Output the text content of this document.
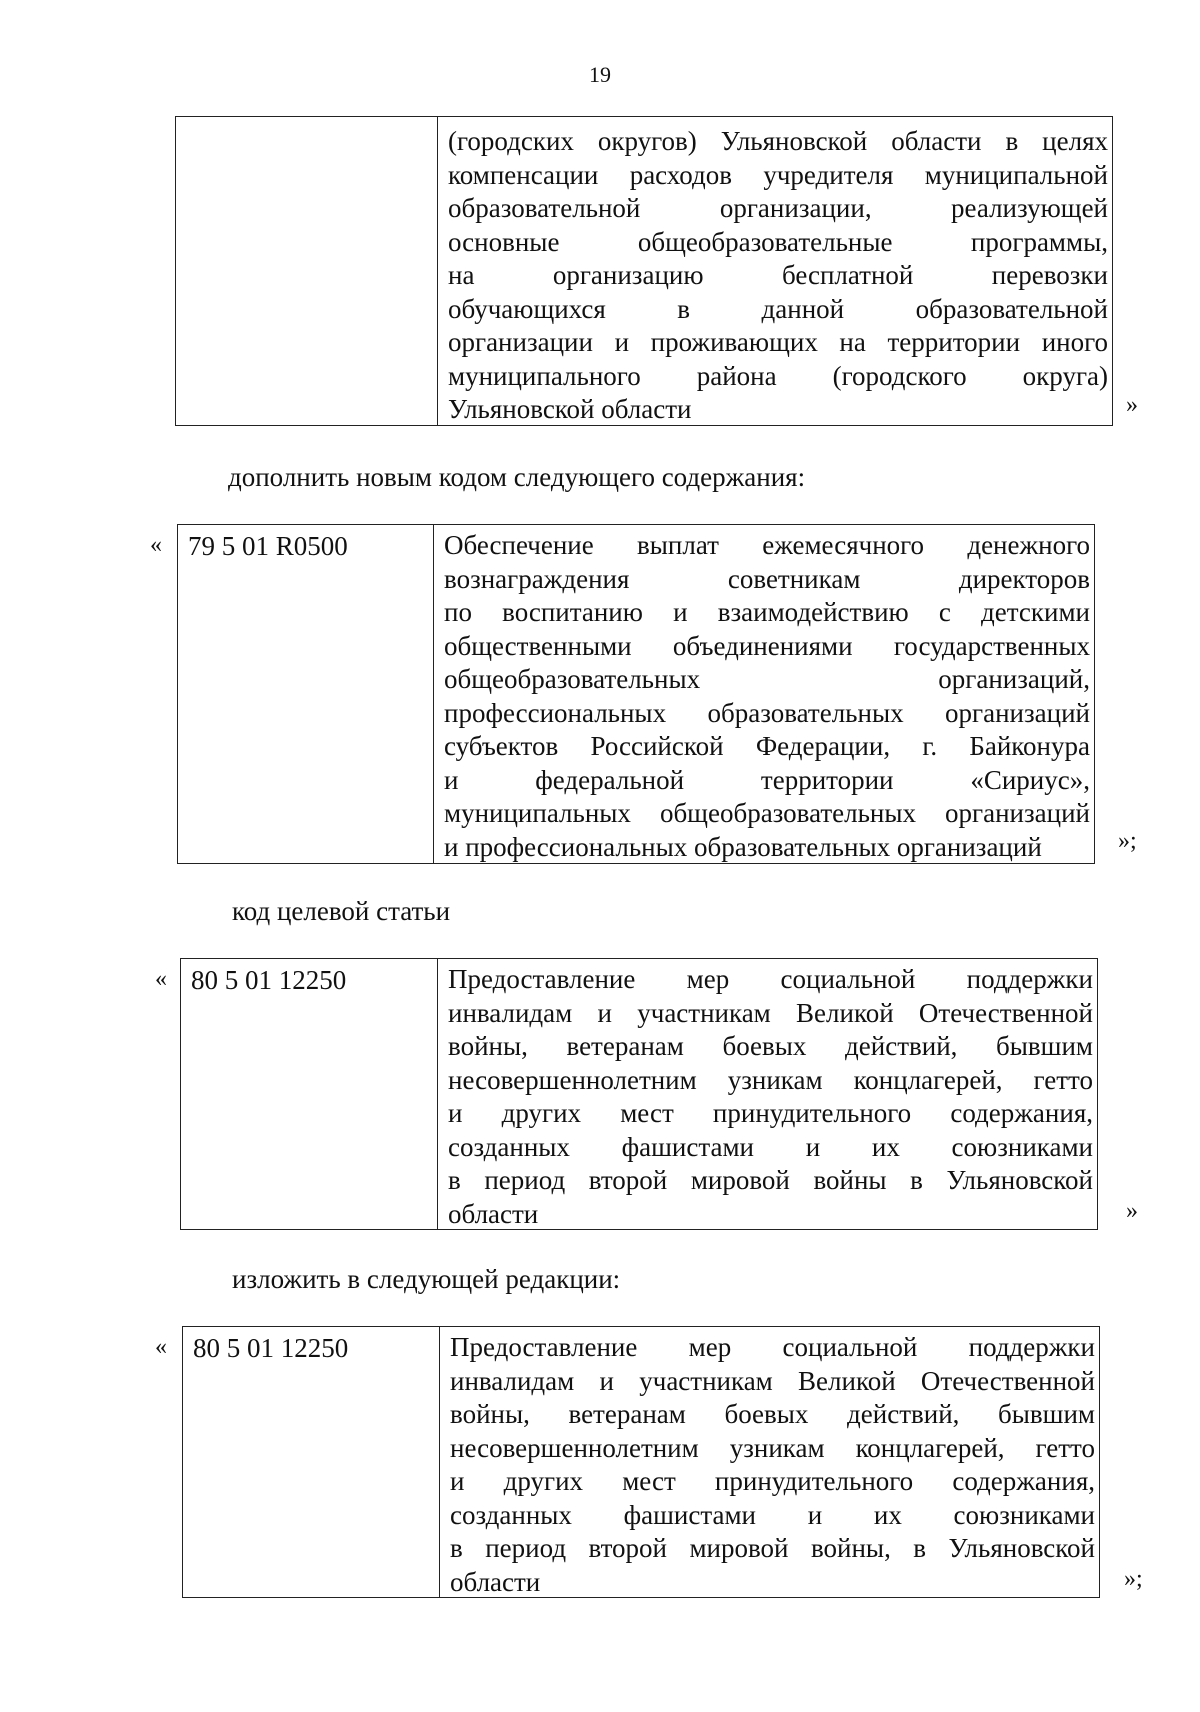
19
(городских округов) Ульяновской области в целях
компенсации расходов учредителя муниципальной
образовательной организации, реализующей
основные общеобразовательные программы,
на организацию бесплатной перевозки
обучающихся в данной образовательной
организации и проживающих на территории иного
муниципального района (городского округа)
Ульяновской области	»
дополнить новым кодом следующего содержания:
« 79 5 01 R0500	Обеспечение выплат ежемесячного денежного
вознаграждения советникам директоров
по воспитанию и взаимодействию с детскими
общественными объединениями государственных
общеобразовательных организаций,
профессиональных образовательных организаций
субъектов Российской Федерации, г. Байконура
и федеральной территории «Сириус»,
муниципальных общеобразовательных организаций
и профессиональных образовательных организаций	»;
код целевой статьи
« 80 5 01 12250	Предоставление мер социальной поддержки
инвалидам и участникам Великой Отечественной
войны, ветеранам боевых действий, бывшим
несовершеннолетним узникам концлагерей, гетто
и других мест принудительного содержания,
созданных фашистами и их союзниками
в период второй мировой войны в Ульяновской
области	»
изложить в следующей редакции:
« 80 5 01 12250	Предоставление мер социальной поддержки
инвалидам и участникам Великой Отечественной
войны, ветеранам боевых действий, бывшим
несовершеннолетним узникам концлагерей, гетто
и других мест принудительного содержания,
созданных фашистами и их союзниками
в период второй мировой войны, в Ульяновской
области	»;
